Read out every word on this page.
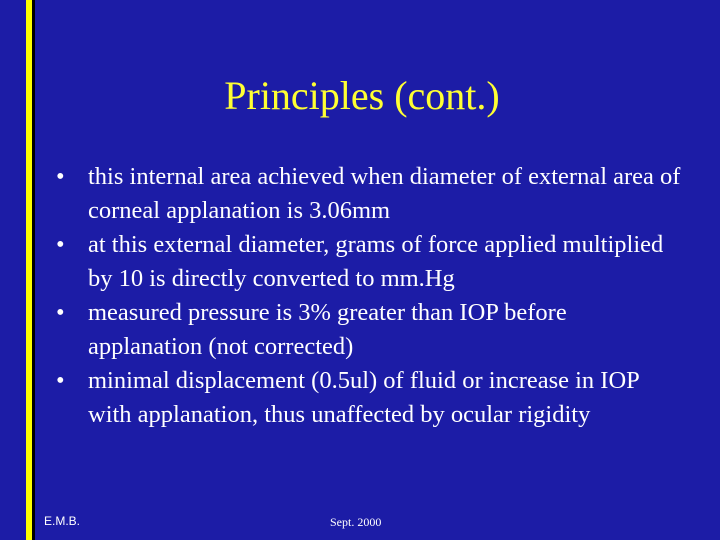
Principles (cont.)
• this internal area achieved when diameter of external area of corneal applanation is 3.06mm
• at this external diameter, grams of force applied multiplied by 10 is directly converted to mm.Hg
• measured pressure is 3% greater than IOP before applanation (not corrected)
• minimal displacement (0.5ul) of fluid or increase in IOP with applanation, thus unaffected by ocular rigidity
E.M.B.	Sept. 2000
